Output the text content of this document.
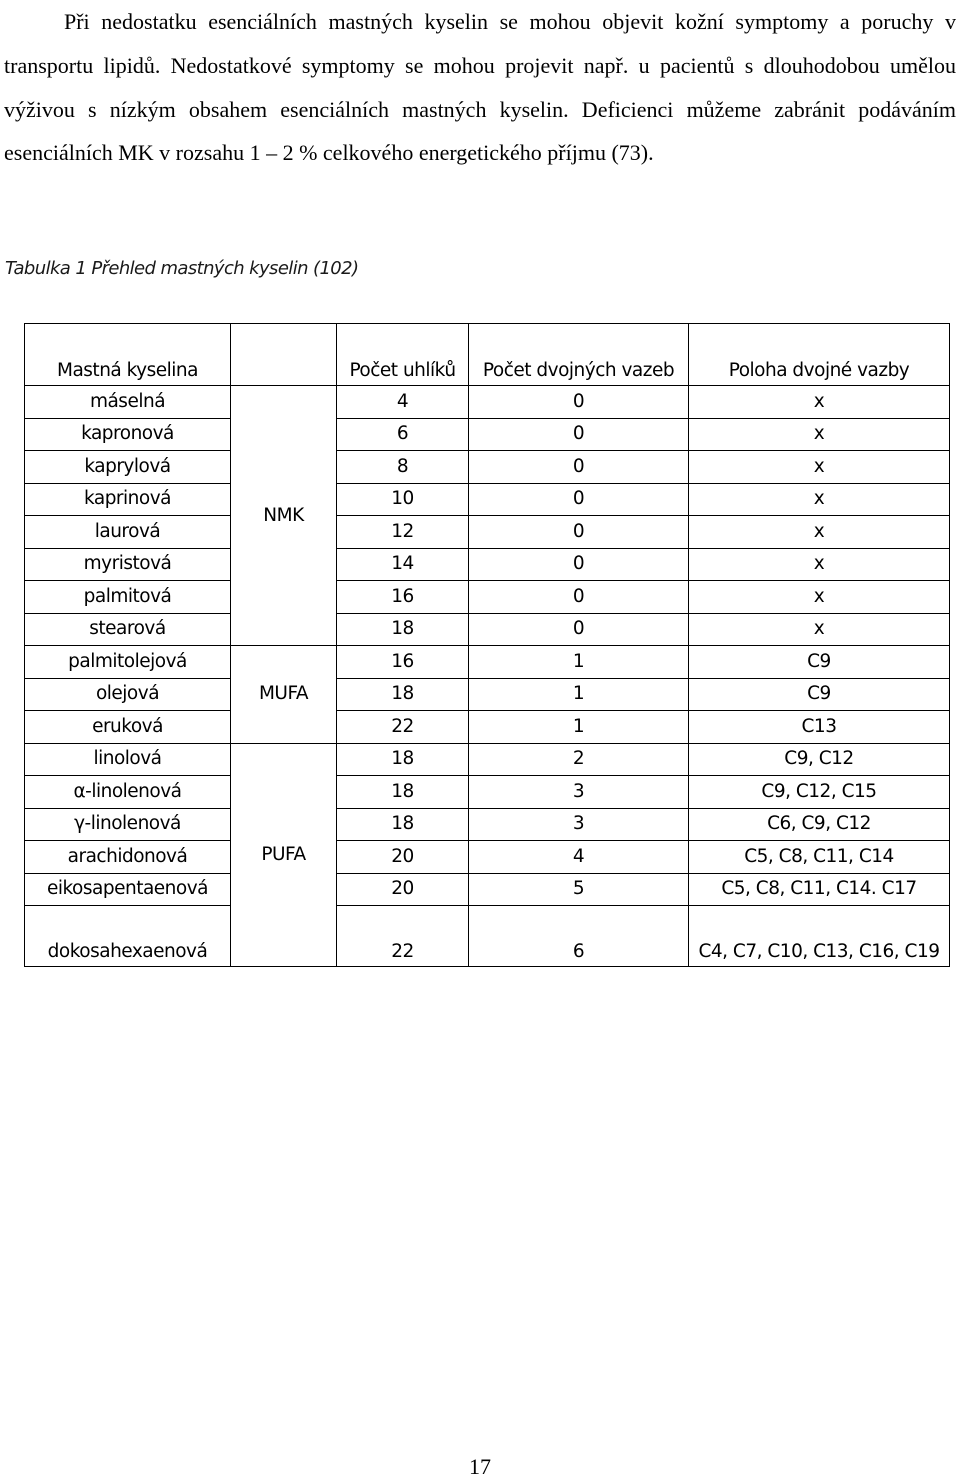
Při nedostatku esenciálních mastných kyselin se mohou objevit kožní symptomy a poruchy v transportu lipidů. Nedostatkové symptomy se mohou projevit např. u pacientů s dlouhodobou umělou výživou s nízkým obsahem esenciálních mastných kyselin. Deficienci můžeme zabránit podáváním esenciálních MK v rozsahu 1 – 2 % celkového energetického příjmu (73).

Tabulka 1 Přehled mastných kyselin (102)

Mastná kyselina		Počet uhlíků	Počet dvojných vazeb	Poloha dvojné vazby
máselná	NMK	4	0	x
kapronová		6	0	x
kaprylová		8	0	x
kaprinová		10	0	x
laurová		12	0	x
myristová		14	0	x
palmitová		16	0	x
stearová		18	0	x
palmitolejová	MUFA	16	1	C9
olejová		18	1	C9
eruková		22	1	C13
linolová	PUFA	18	2	C9, C12
α-linolenová		18	3	C9, C12, C15
γ-linolenová		18	3	C6, C9, C12
arachidonová		20	4	C5, C8, C11, C14
eikosapentaenová		20	5	C5, C8, C11, C14. C17
dokosahexaenová		22	6	C4, C7, C10, C13, C16, C19

17
